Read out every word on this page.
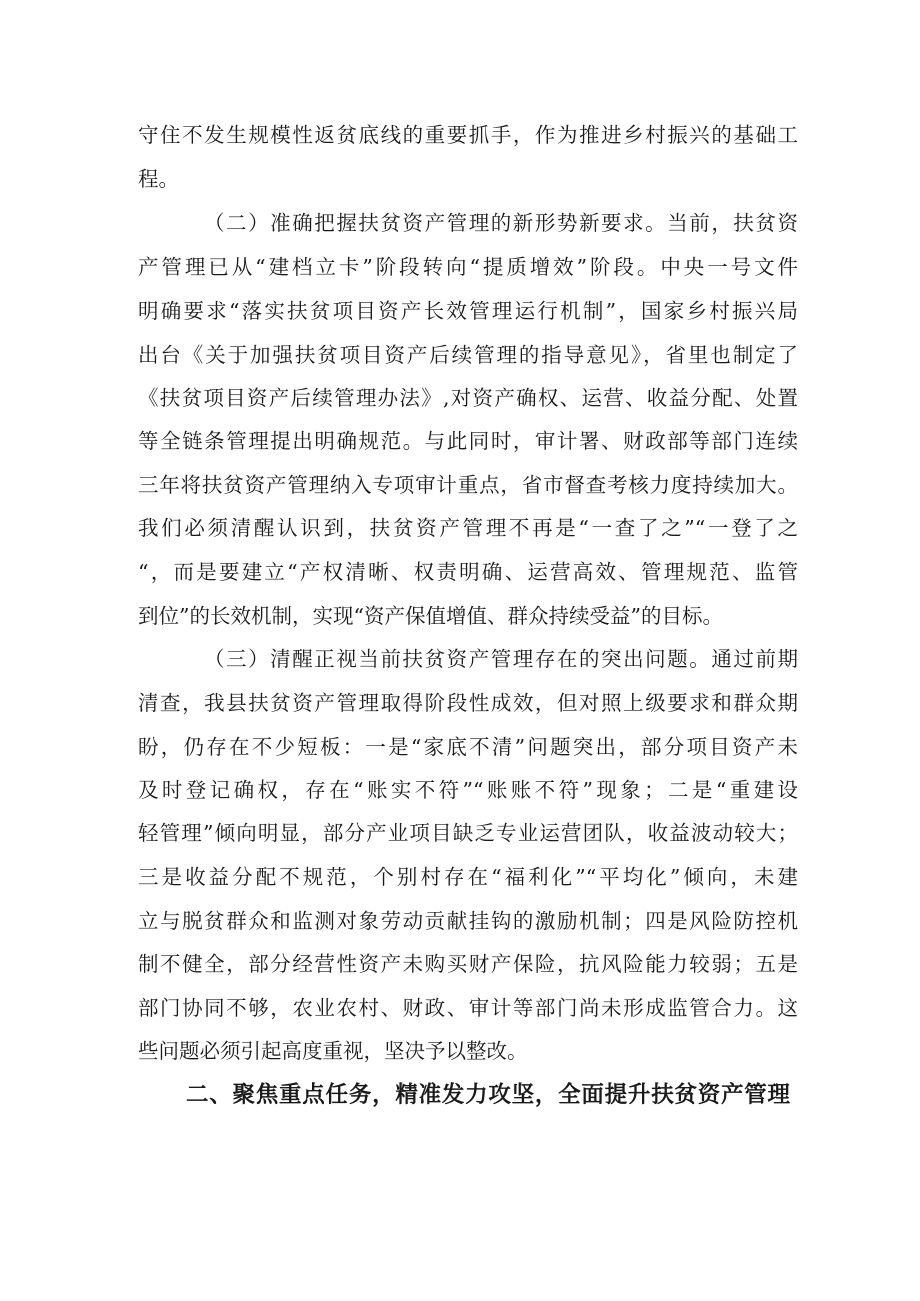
守住不发生规模性返贫底线的重要抓手，作为推进乡村振兴的基础工

程。

（二）准确把握扶贫资产管理的新形势新要求。当前，扶贫资

产管理已从“建档立卡”阶段转向“提质增效”阶段。中央一号文件

明确要求“落实扶贫项目资产长效管理运行机制”，国家乡村振兴局

出台《关于加强扶贫项目资产后续管理的指导意见》，省里也制定了

《扶贫项目资产后续管理办法》,对资产确权、运营、收益分配、处置

等全链条管理提出明确规范。与此同时，审计署、财政部等部门连续

三年将扶贫资产管理纳入专项审计重点，省市督查考核力度持续加大。

我们必须清醒认识到，扶贫资产管理不再是“一查了之”“一登了之

“，而是要建立“产权清晰、权责明确、运营高效、管理规范、监管

到位”的长效机制，实现“资产保值增值、群众持续受益”的目标。

（三）清醒正视当前扶贫资产管理存在的突出问题。通过前期

清查，我县扶贫资产管理取得阶段性成效，但对照上级要求和群众期

盼，仍存在不少短板：一是“家底不清”问题突出，部分项目资产未

及时登记确权，存在“账实不符”“账账不符”现象；二是“重建设

轻管理”倾向明显，部分产业项目缺乏专业运营团队，收益波动较大；

三是收益分配不规范，个别村存在“福利化”“平均化”倾向，未建

立与脱贫群众和监测对象劳动贡献挂钩的激励机制；四是风险防控机

制不健全，部分经营性资产未购买财产保险，抗风险能力较弱；五是

部门协同不够，农业农村、财政、审计等部门尚未形成监管合力。这

些问题必须引起高度重视，坚决予以整改。

二、聚焦重点任务，精准发力攻坚，全面提升扶贫资产管理
